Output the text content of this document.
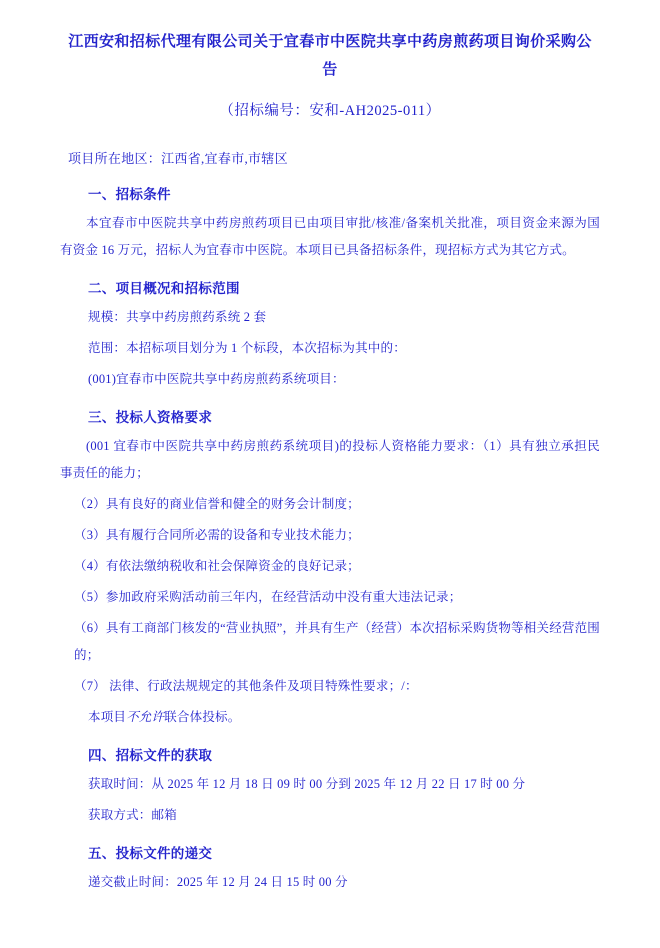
江西安和招标代理有限公司关于宜春市中医院共享中药房煎药项目询价采购公告
（招标编号：安和-AH2025-011）
项目所在地区：江西省,宜春市,市辖区
一、招标条件

本宜春市中医院共享中药房煎药项目已由项目审批/核准/备案机关批准，项目资金来源为国有资金 16 万元，招标人为宜春市中医院。本项目已具备招标条件，现招标方式为其它方式。

二、项目概况和招标范围

规模：共享中药房煎药系统 2 套

范围：本招标项目划分为 1 个标段，本次招标为其中的：

(001)宜春市中医院共享中药房煎药系统项目：

三、投标人资格要求

(001 宜春市中医院共享中药房煎药系统项目)的投标人资格能力要求：（1）具有独立承担民事责任的能力；

（2）具有良好的商业信誉和健全的财务会计制度；

（3）具有履行合同所必需的设备和专业技术能力；

（4）有依法缴纳税收和社会保障资金的良好记录；

（5）参加政府采购活动前三年内，在经营活动中没有重大违法记录；

（6）具有工商部门核发的“营业执照”，并具有生产（经营）本次招标采购货物等相关经营范围的；

（7） 法律、行政法规规定的其他条件及项目特殊性要求；/：

本项目不允许联合体投标。

四、招标文件的获取

获取时间：从 2025 年 12 月 18 日 09 时 00 分到 2025 年 12 月 22 日 17 时 00 分

获取方式：邮箱

五、投标文件的递交

递交截止时间：2025 年 12 月 24 日 15 时 00 分
